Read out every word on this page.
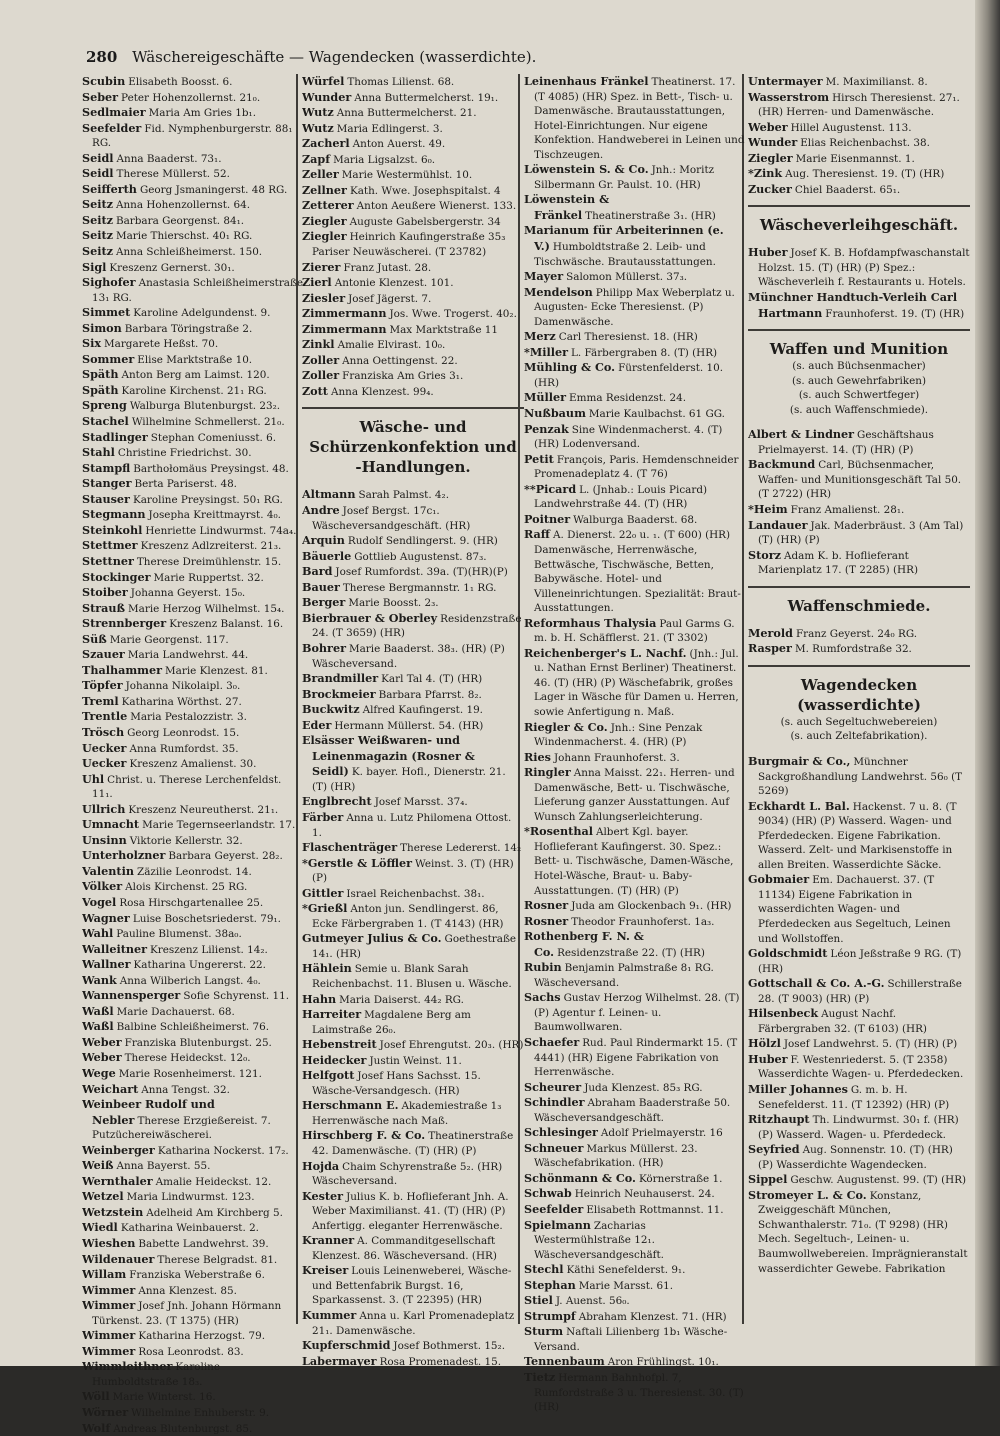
280 Wäschereigeschäfte — Wagendecken (wasserdichte).

Scubin Elisabeth Boosst. 6.

Seber Peter Hohenzollernst. 21₀.

Sedlmaier Maria Am Gries 1b₁.

Seefelder Fid. Nymphenburgerstr. 88₁ RG.

Seidl Anna Baaderst. 73₁.

Seidl Therese Müllerst. 52.

Seifferth Georg Jsmaningerst. 48 RG.

Seitz Anna Hohenzollernst. 64.

Seitz Barbara Georgenst. 84₁.

Seitz Marie Thierschst. 40₁ RG.

Seitz Anna Schleißheimerst. 150.

Sigl Kreszenz Gernerst. 30₁.

Sighofer Anastasia Schleißheimerstraße 13₁ RG.

Simmet Karoline Adelgundenst. 9.

Simon Barbara Töringstraße 2.

Six Margarete Heßst. 70.

Sommer Elise Marktstraße 10.

Späth Anton Berg am Laimst. 120.

Späth Karoline Kirchenst. 21₁ RG.

Spreng Walburga Blutenburgst. 23₂.

Stachel Wilhelmine Schmellerst. 21₀.

Stadlinger Stephan Comeniusst. 6.

Stahl Christine Friedrichst. 30.

Stampfl Barthołomäus Preysingst. 48.

Stanger Berta Pariserst. 48.

Stauser Karoline Preysingst. 50₁ RG.

Stegmann Josepha Kreittmayrst. 4₀.

Steinkohl Henriette Lindwurmst. 74a₄.

Stettmer Kreszenz Adlzreiterst. 21₃.

Stettner Therese Dreimühlenstr. 15.

Stockinger Marie Ruppertst. 32.

Stoiber Johanna Geyerst. 15₀.

Strauß Marie Herzog Wilhelmst. 15₄.

Strennberger Kreszenz Balanst. 16.

Süß Marie Georgenst. 117.

Szauer Maria Landwehrst. 44.

Thalhammer Marie Klenzest. 81.

Töpfer Johanna Nikolaipl. 3₀.

Treml Katharina Wörthst. 27.

Trentle Maria Pestalozzistr. 3.

Trösch Georg Leonrodst. 15.

Uecker Anna Rumfordst. 35.

Uecker Kreszenz Amalienst. 30.

Uhl Christ. u. Therese Lerchenfeldst. 11₁.

Ullrich Kreszenz Neureutherst. 21₁.

Umnacht Marie Tegernseerlandstr. 17.

Unsinn Viktorie Kellerstr. 32.

Unterholzner Barbara Geyerst. 28₂.

Valentin Zäzilie Leonrodst. 14.

Völker Alois Kirchenst. 25 RG.

Vogel Rosa Hirschgartenallee 25.

Wagner Luise Boschetsriederst. 79₁.

Wahl Pauline Blumenst. 38a₀.

Walleitner Kreszenz Lilienst. 14₂.

Wallner Katharina Ungererst. 22.

Wank Anna Wilberich Langst. 4₀.

Wannensperger Sofie Schyrenst. 11.

Waßl Marie Dachauerst. 68.

Waßl Balbine Schleißheimerst. 76.

Weber Franziska Blutenburgst. 25.

Weber Therese Heideckst. 12₀.

Wege Marie Rosenheimerst. 121.

Weichart Anna Tengst. 32.

Weinbeer Rudolf und Nebler Therese Erzgießereist. 7. Putzüchereiwäscherei.

Weinberger Katharina Nockerst. 17₂.

Weiß Anna Bayerst. 55.

Wernthaler Amalie Heideckst. 12.

Wetzel Maria Lindwurmst. 123.

Wetzstein Adelheid Am Kirchberg 5.

Wiedl Katharina Weinbauerst. 2.

Wieshen Babette Landwehrst. 39.

Wildenauer Therese Belgradst. 81.

Willam Franziska Weberstraße 6.

Wimmer Anna Klenzest. 85.

Wimmer Josef Jnh. Johann Hörmann Türkenst. 23. (T 1375) (HR)

Wimmer Katharina Herzogst. 79.

Wimmer Rosa Leonrodst. 83.

Wimmleithner Karoline Humboldtstraße 18₃.

Wöll Marie Winterst. 16.

Wörner Wilhelmine Enhuberstr. 9.

Wolf Andreas Blutenburgst. 85.

Würfel Thomas Lilienst. 68.

Wunder Anna Buttermelcherst. 19₁.

Wutz Anna Buttermelcherst. 21.

Wutz Maria Edlingerst. 3.

Zacherl Anton Auerst. 49.

Zapf Maria Ligsalzst. 6₀.

Zeller Marie Westermühlst. 10.

Zellner Kath. Wwe. Josephspitalst. 4

Zetterer Anton Aeußere Wienerst. 133.

Ziegler Auguste Gabelsbergerstr. 34

Ziegler Heinrich Kaufingerstraße 35₃ Pariser Neuwäscherei. (T 23782)

Zierer Franz Jutast. 28.

Zierl Antonie Klenzest. 101.

Ziesler Josef Jägerst. 7.

Zimmermann Jos. Wwe. Trogerst. 40₂.

Zimmermann Max Marktstraße 11

Zinkl Amalie Elvirast. 10₀.

Zoller Anna Oettingenst. 22.

Zoller Franziska Am Gries 3₁.

Zott Anna Klenzest. 99₄.

Wäsche- und Schürzenkonfektion und -Handlungen.

Altmann Sarah Palmst. 4₂.

Andre Josef Bergst. 17c₁. Wäscheversandgeschäft. (HR)

Arquin Rudolf Sendlingerst. 9. (HR)

Bäuerle Gottlieb Augustenst. 87₃.

Bard Josef Rumfordst. 39a. (T)(HR)(P)

Bauer Therese Bergmannstr. 1₁ RG.

Berger Marie Boosst. 2₃.

Bierbrauer & Oberley Residenzstraße 24. (T 3659) (HR)

Bohrer Marie Baaderst. 38₃. (HR) (P) Wäscheversand.

Brandmiller Karl Tal 4. (T) (HR)

Brockmeier Barbara Pfarrst. 8₂.

Buckwitz Alfred Kaufingerst. 19.

Eder Hermann Müllerst. 54. (HR)

Elsässer Weißwaren- und Leinenmagazin (Rosner & Seidl) K. bayer. Hofl., Dienerstr. 21. (T) (HR)

Englbrecht Josef Marsst. 37₄.

Färber Anna u. Lutz Philomena Ottost. 1.

Flaschenträger Therese Ledererst. 14₂

*Gerstle & Löffler Weinst. 3. (T) (HR) (P)

Gittler Israel Reichenbachst. 38₁.

*Grießl Anton jun. Sendlingerst. 86, Ecke Färbergraben 1. (T 4143) (HR)

Gutmeyer Julius & Co. Goethestraße 14₁. (HR)

Hählein Semie u. Blank Sarah Reichenbachst. 11. Blusen u. Wäsche.

Hahn Maria Daiserst. 44₂ RG.

Harreiter Magdalene Berg am Laimstraße 26₀.

Hebenstreit Josef Ehrengutst. 20₃. (HR)

Heidecker Justin Weinst. 11.

Helfgott Josef Hans Sachsst. 15. Wäsche-Versandgesch. (HR)

Herschmann E. Akademiestraße 1₃ Herrenwäsche nach Maß.

Hirschberg F. & Co. Theatinerstraße 42. Damenwäsche. (T) (HR) (P)

Hojda Chaim Schyrenstraße 5₂. (HR) Wäscheversand.

Kester Julius K. b. Hoflieferant Jnh. A. Weber Maximilianst. 41. (T) (HR) (P) Anfertigg. eleganter Herrenwäsche.

Kranner A. Commanditgesellschaft Klenzest. 86. Wäscheversand. (HR)

Kreiser Louis Leinenweberei, Wäsche- und Bettenfabrik Burgst. 16, Sparkassenst. 3. (T 22395) (HR)

Kummer Anna u. Karl Promenadeplatz 21₁. Damenwäsche.

Kupferschmid Josef Bothmerst. 15₂.

Labermayer Rosa Promenadest. 15.

Leinenhaus Fränkel Theatinerst. 17. (T 4085) (HR) Spez. in Bett-, Tisch- u. Damenwäsche. Brautausstattungen, Hotel-Einrichtungen. Nur eigene Konfektion. Handweberei in Leinen und Tischzeugen.

Löwenstein S. & Co. Jnh.: Moritz Silbermann Gr. Paulst. 10. (HR)

Löwenstein & Fränkel Theatinerstraße 3₁. (HR)

Marianum für Arbeiterinnen (e. V.) Humboldtstraße 2. Leib- und Tischwäsche. Brautausstattungen.

Mayer Salomon Müllerst. 37₃.

Mendelson Philipp Max Weberplatz u. Augusten- Ecke Theresienst. (P) Damenwäsche.

Merz Carl Theresienst. 18. (HR)

*Miller L. Färbergraben 8. (T) (HR)

Mühling & Co. Fürstenfelderst. 10. (HR)

Müller Emma Residenzst. 24.

Nußbaum Marie Kaulbachst. 61 GG.

Penzak Sine Windenmacherst. 4. (T) (HR) Lodenversand.

Petit François, Paris. Hemdenschneider Promenadeplatz 4. (T 76)

**Picard L. (Jnhab.: Louis Picard) Landwehrstraße 44. (T) (HR)

Poitner Walburga Baaderst. 68.

Raff A. Dienerst. 22₀ u. ₁. (T 600) (HR) Damenwäsche, Herrenwäsche, Bettwäsche, Tischwäsche, Betten, Babywäsche. Hotel- und Villeneinrichtungen. Spezialität: Braut-Ausstattungen.

Reformhaus Thalysia Paul Garms G. m. b. H. Schäfflerst. 21. (T 3302)

Reichenberger's L. Nachf. (Jnh.: Jul. u. Nathan Ernst Berliner) Theatinerst. 46. (T) (HR) (P) Wäschefabrik, großes Lager in Wäsche für Damen u. Herren, sowie Anfertigung n. Maß.

Riegler & Co. Jnh.: Sine Penzak Windenmacherst. 4. (HR) (P)

Ries Johann Fraunhoferst. 3.

Ringler Anna Maisst. 22₁. Herren- und Damenwäsche, Bett- u. Tischwäsche, Lieferung ganzer Ausstattungen. Auf Wunsch Zahlungserleichterung.

*Rosenthal Albert Kgl. bayer. Hoflieferant Kaufingerst. 30. Spez.: Bett- u. Tischwäsche, Damen-Wäsche, Hotel-Wäsche, Braut- u. Baby-Ausstattungen. (T) (HR) (P)

Rosner Juda am Glockenbach 9₁. (HR)

Rosner Theodor Fraunhoferst. 1a₃.

Rothenberg F. N. & Co. Residenzstraße 22. (T) (HR)

Rubin Benjamin Palmstraße 8₁ RG. Wäscheversand.

Sachs Gustav Herzog Wilhelmst. 28. (T) (P) Agentur f. Leinen- u. Baumwollwaren.

Schaefer Rud. Paul Rindermarkt 15. (T 4441) (HR) Eigene Fabrikation von Herrenwäsche.

Scheurer Juda Klenzest. 85₃ RG.

Schindler Abraham Baaderstraße 50. Wäscheversandgeschäft.

Schlesinger Adolf Prielmayerstr. 16

Schneuer Markus Müllerst. 23. Wäschefabrikation. (HR)

Schönmann & Co. Körnerstraße 1.

Schwab Heinrich Neuhauserst. 24.

Seefelder Elisabeth Rottmannst. 11.

Spielmann Zacharias Westermühlstraße 12₁. Wäscheversandgeschäft.

Stechl Käthi Senefelderst. 9₁.

Stephan Marie Marsst. 61.

Stiel J. Auenst. 56₀.

Strumpf Abraham Klenzest. 71. (HR)

Sturm Naftali Lilienberg 1b₁ Wäsche-Versand.

Tennenbaum Aron Frühlingst. 10₁.

Tietz Hermann Bahnhofpl. 7, Rumfordstraße 3 u. Theresienst. 30. (T) (HR)

Untermayer M. Maximilianst. 8.

Wasserstrom Hirsch Theresienst. 27₁. (HR) Herren- und Damenwäsche.

Weber Hillel Augustenst. 113.

Wunder Elias Reichenbachst. 38.

Ziegler Marie Eisenmannst. 1.

*Zink Aug. Theresienst. 19. (T) (HR)

Zucker Chiel Baaderst. 65₁.

Wäscheverleihgeschäft.

Huber Josef K. B. Hofdampfwaschanstalt Holzst. 15. (T) (HR) (P) Spez.: Wäscheverleih f. Restaurants u. Hotels.

Münchner Handtuch-Verleih Carl Hartmann Fraunhoferst. 19. (T) (HR)

Waffen und Munition

(s. auch Büchsenmacher)

(s. auch Gewehrfabriken)

(s. auch Schwertfeger)

(s. auch Waffenschmiede).

Albert & Lindner Geschäftshaus Prielmayerst. 14. (T) (HR) (P)

Backmund Carl, Büchsenmacher, Waffen- und Munitionsgeschäft Tal 50. (T 2722) (HR)

*Heim Franz Amalienst. 28₁.

Landauer Jak. Maderbräust. 3 (Am Tal) (T) (HR) (P)

Storz Adam K. b. Hoflieferant Marienplatz 17. (T 2285) (HR)

Waffenschmiede.

Merold Franz Geyerst. 24₀ RG.

Rasper M. Rumfordstraße 32.

Wagendecken (wasserdichte)

(s. auch Segeltuchwebereien)

(s. auch Zeltefabrikation).

Burgmair & Co., Münchner Sackgroßhandlung Landwehrst. 56₀ (T 5269)

Eckhardt L. Bal. Hackenst. 7 u. 8. (T 9034) (HR) (P) Wasserd. Wagen- und Pferdedecken. Eigene Fabrikation. Wasserd. Zelt- und Markisenstoffe in allen Breiten. Wasserdichte Säcke.

Gobmaier Em. Dachauerst. 37. (T 11134) Eigene Fabrikation in wasserdichten Wagen- und Pferdedecken aus Segeltuch, Leinen und Wollstoffen.

Goldschmidt Léon Jeßstraße 9 RG. (T) (HR)

Gottschall & Co. A.-G. Schillerstraße 28. (T 9003) (HR) (P)

Hilsenbeck August Nachf. Färbergraben 32. (T 6103) (HR)

Hölzl Josef Landwehrst. 5. (T) (HR) (P)

Huber F. Westenriederst. 5. (T 2358) Wasserdichte Wagen- u. Pferdedecken.

Miller Johannes G. m. b. H. Senefelderst. 11. (T 12392) (HR) (P)

Ritzhaupt Th. Lindwurmst. 30₁ f. (HR) (P) Wasserd. Wagen- u. Pferdedeck.

Seyfried Aug. Sonnenstr. 10. (T) (HR) (P) Wasserdichte Wagendecken.

Sippel Geschw. Augustenst. 99. (T) (HR)

Stromeyer L. & Co. Konstanz, Zweiggeschäft München, Schwanthalerstr. 71₀. (T 9298) (HR) Mech. Segeltuch-, Leinen- u. Baumwollwebereien. Imprägnieranstalt wasserdichter Gewebe. Fabrikation
